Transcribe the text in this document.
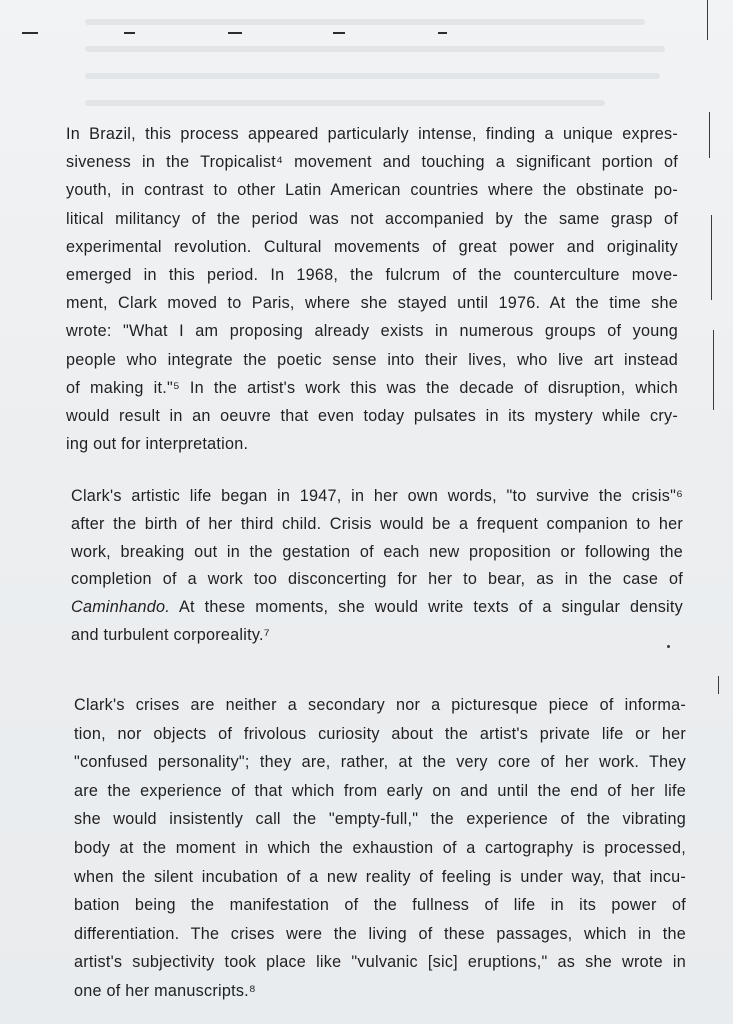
In Brazil, this process appeared particularly intense, finding a unique expres-
siveness in the Tropicalist⁴ movement and touching a significant portion of
youth, in contrast to other Latin American countries where the obstinate po-
litical militancy of the period was not accompanied by the same grasp of
experimental revolution. Cultural movements of great power and originality
emerged in this period. In 1968, the fulcrum of the counterculture move-
ment, Clark moved to Paris, where she stayed until 1976. At the time she
wrote: "What I am proposing already exists in numerous groups of young
people who integrate the poetic sense into their lives, who live art instead
of making it."⁵ In the artist's work this was the decade of disruption, which
would result in an oeuvre that even today pulsates in its mystery while cry-
ing out for interpretation.
Clark's artistic life began in 1947, in her own words, "to survive the crisis"⁶
after the birth of her third child. Crisis would be a frequent companion to her
work, breaking out in the gestation of each new proposition or following the
completion of a work too disconcerting for her to bear, as in the case of
Caminhando. At these moments, she would write texts of a singular density
and turbulent corporeality.⁷
Clark's crises are neither a secondary nor a picturesque piece of informa-
tion, nor objects of frivolous curiosity about the artist's private life or her
"confused personality"; they are, rather, at the very core of her work. They
are the experience of that which from early on and until the end of her life
she would insistently call the "empty-full," the experience of the vibrating
body at the moment in which the exhaustion of a cartography is processed,
when the silent incubation of a new reality of feeling is under way, that incu-
bation being the manifestation of the fullness of life in its power of
differentiation. The crises were the living of these passages, which in the
artist's subjectivity took place like "vulvanic [sic] eruptions," as she wrote in
one of her manuscripts.⁸
